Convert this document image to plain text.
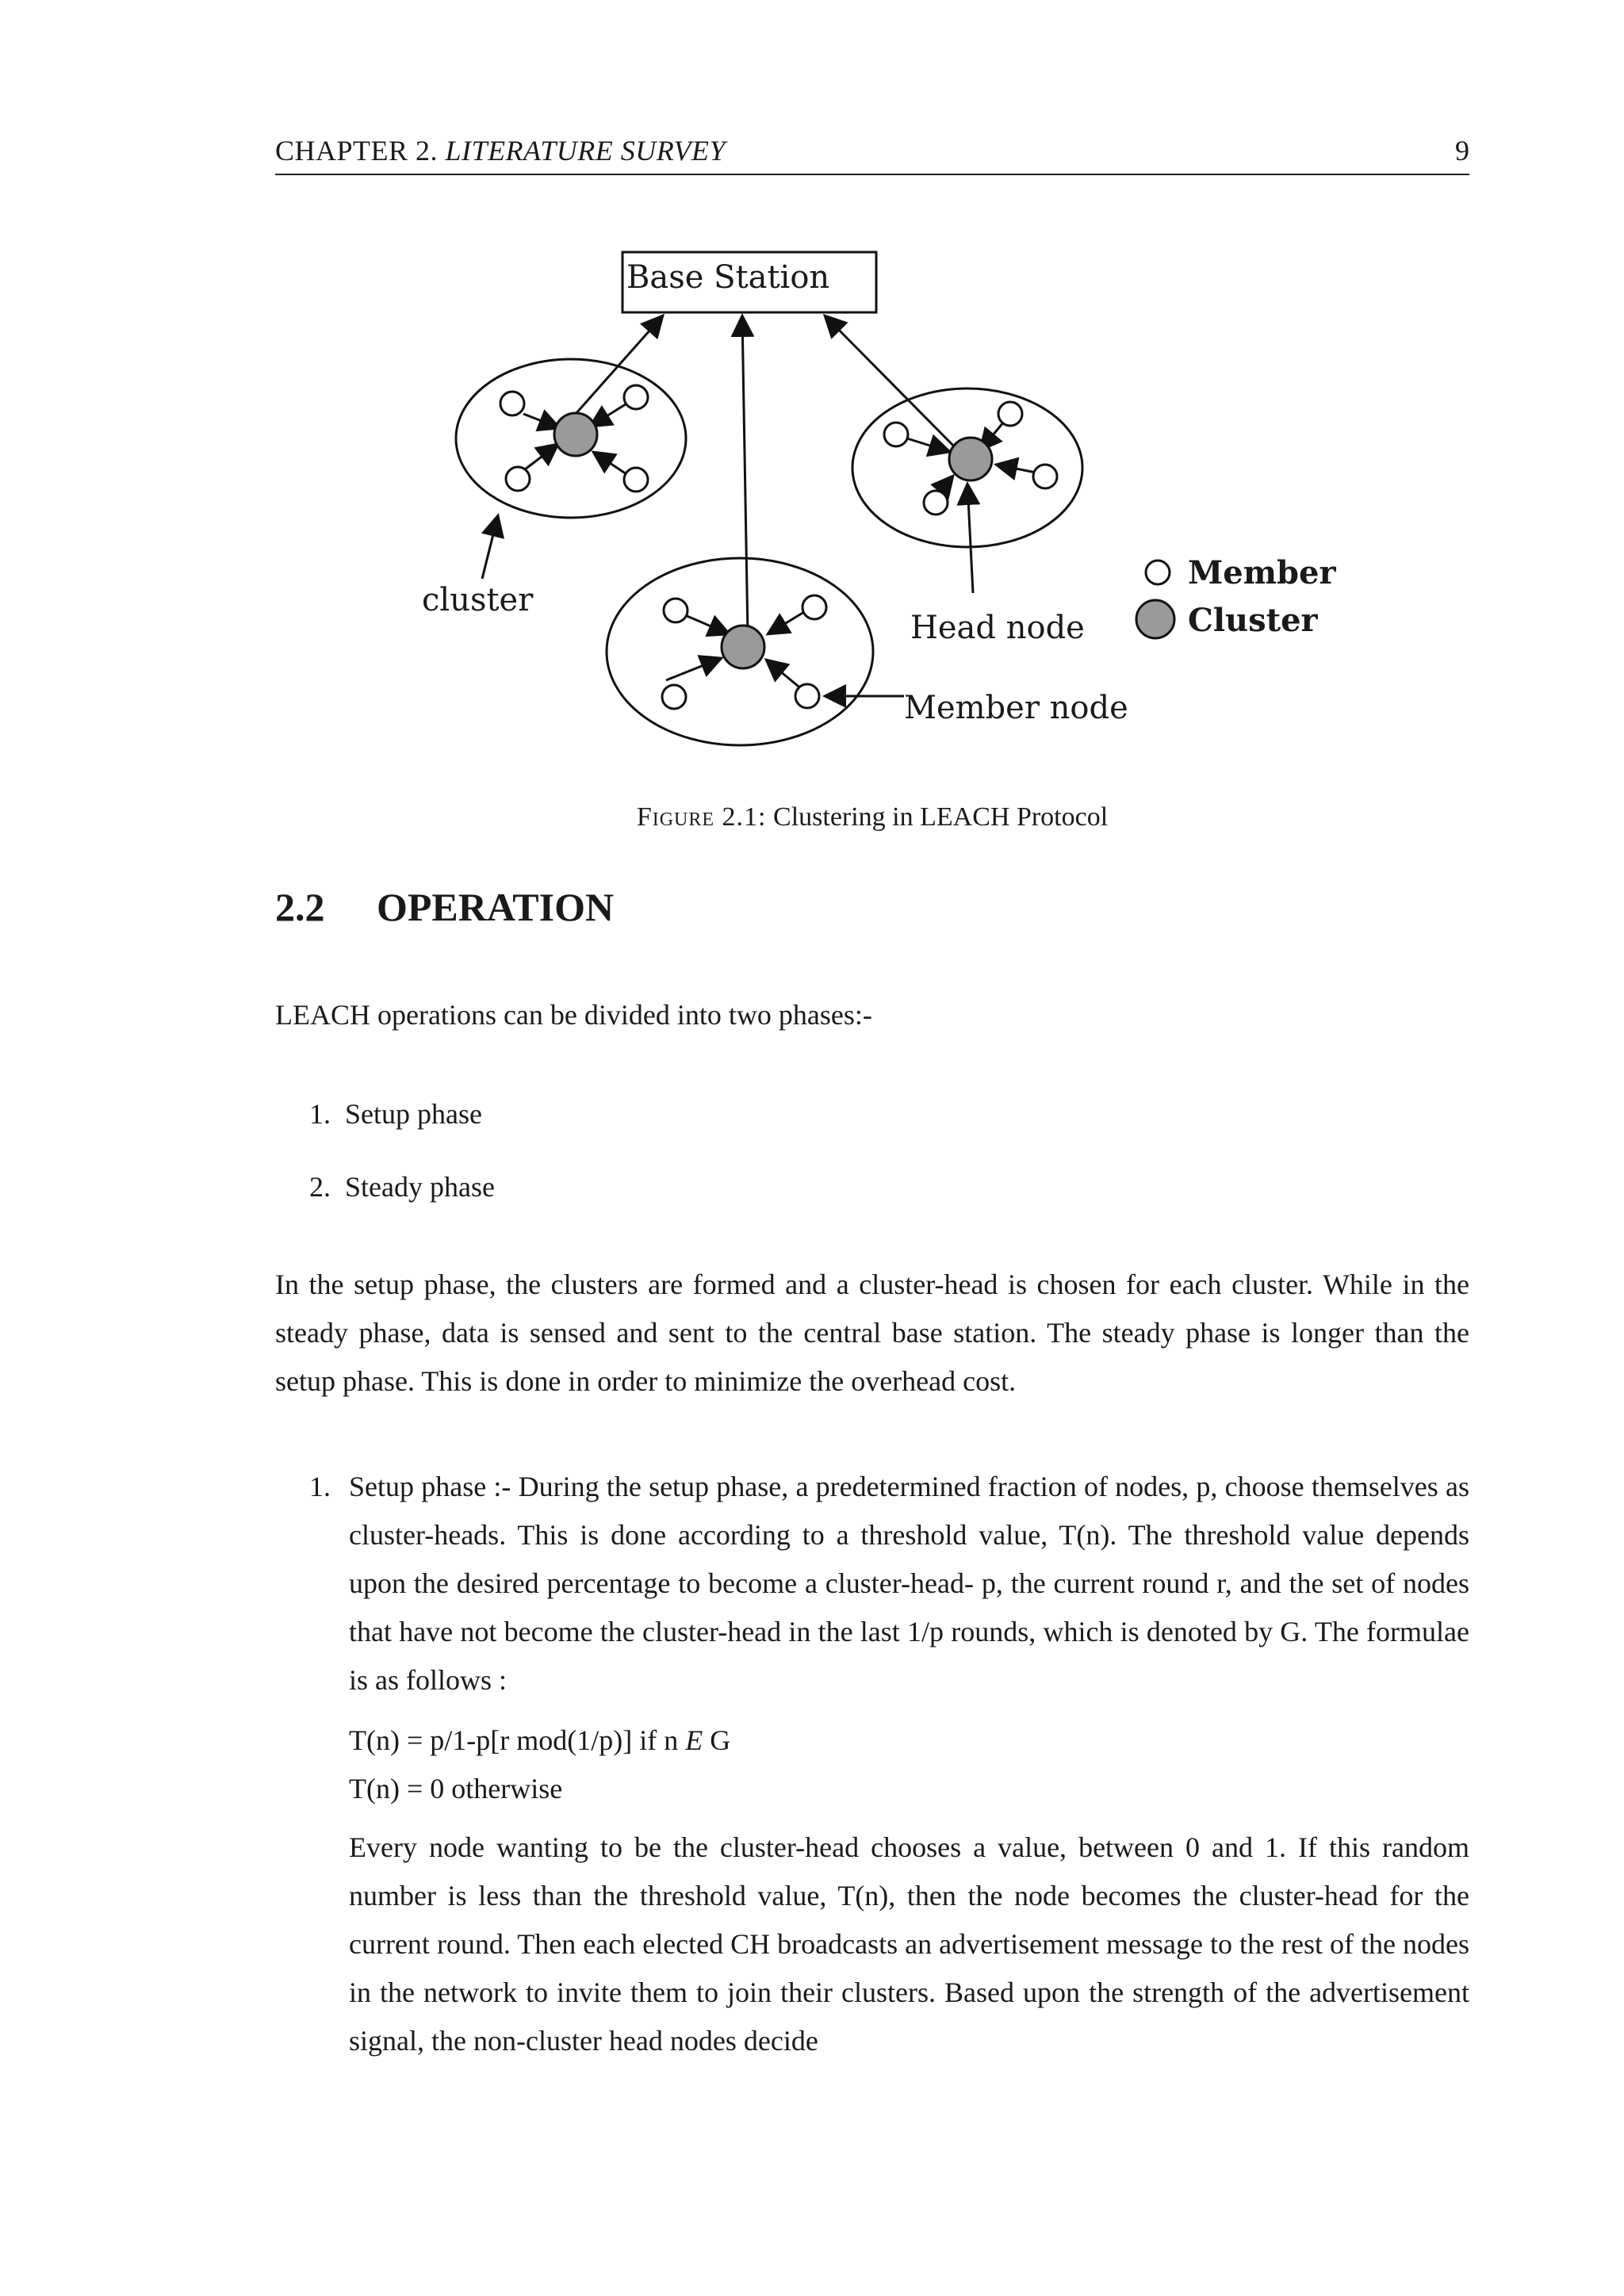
CHAPTER 2. LITERATURE SURVEY	9
Base Station
cluster
Head node
Member node
Member
Cluster
Figure 2.1: Clustering in LEACH Protocol
2.2 OPERATION
LEACH operations can be divided into two phases:-
1. Setup phase
2. Steady phase
In the setup phase, the clusters are formed and a cluster-head is chosen for each cluster. While in the steady phase, data is sensed and sent to the central base station. The steady phase is longer than the setup phase. This is done in order to minimize the overhead cost.
1. Setup phase :- During the setup phase, a predetermined fraction of nodes, p, choose themselves as cluster-heads. This is done according to a threshold value, T(n). The threshold value depends upon the desired percentage to become a cluster-head- p, the current round r, and the set of nodes that have not become the cluster-head in the last 1/p rounds, which is denoted by G. The formulae is as follows :
T(n) = p/1-p[r mod(1/p)] if n E G
T(n) = 0 otherwise
Every node wanting to be the cluster-head chooses a value, between 0 and 1. If this random number is less than the threshold value, T(n), then the node becomes the cluster-head for the current round. Then each elected CH broadcasts an advertisement message to the rest of the nodes in the network to invite them to join their clusters. Based upon the strength of the advertisement signal, the non-cluster head nodes decide
